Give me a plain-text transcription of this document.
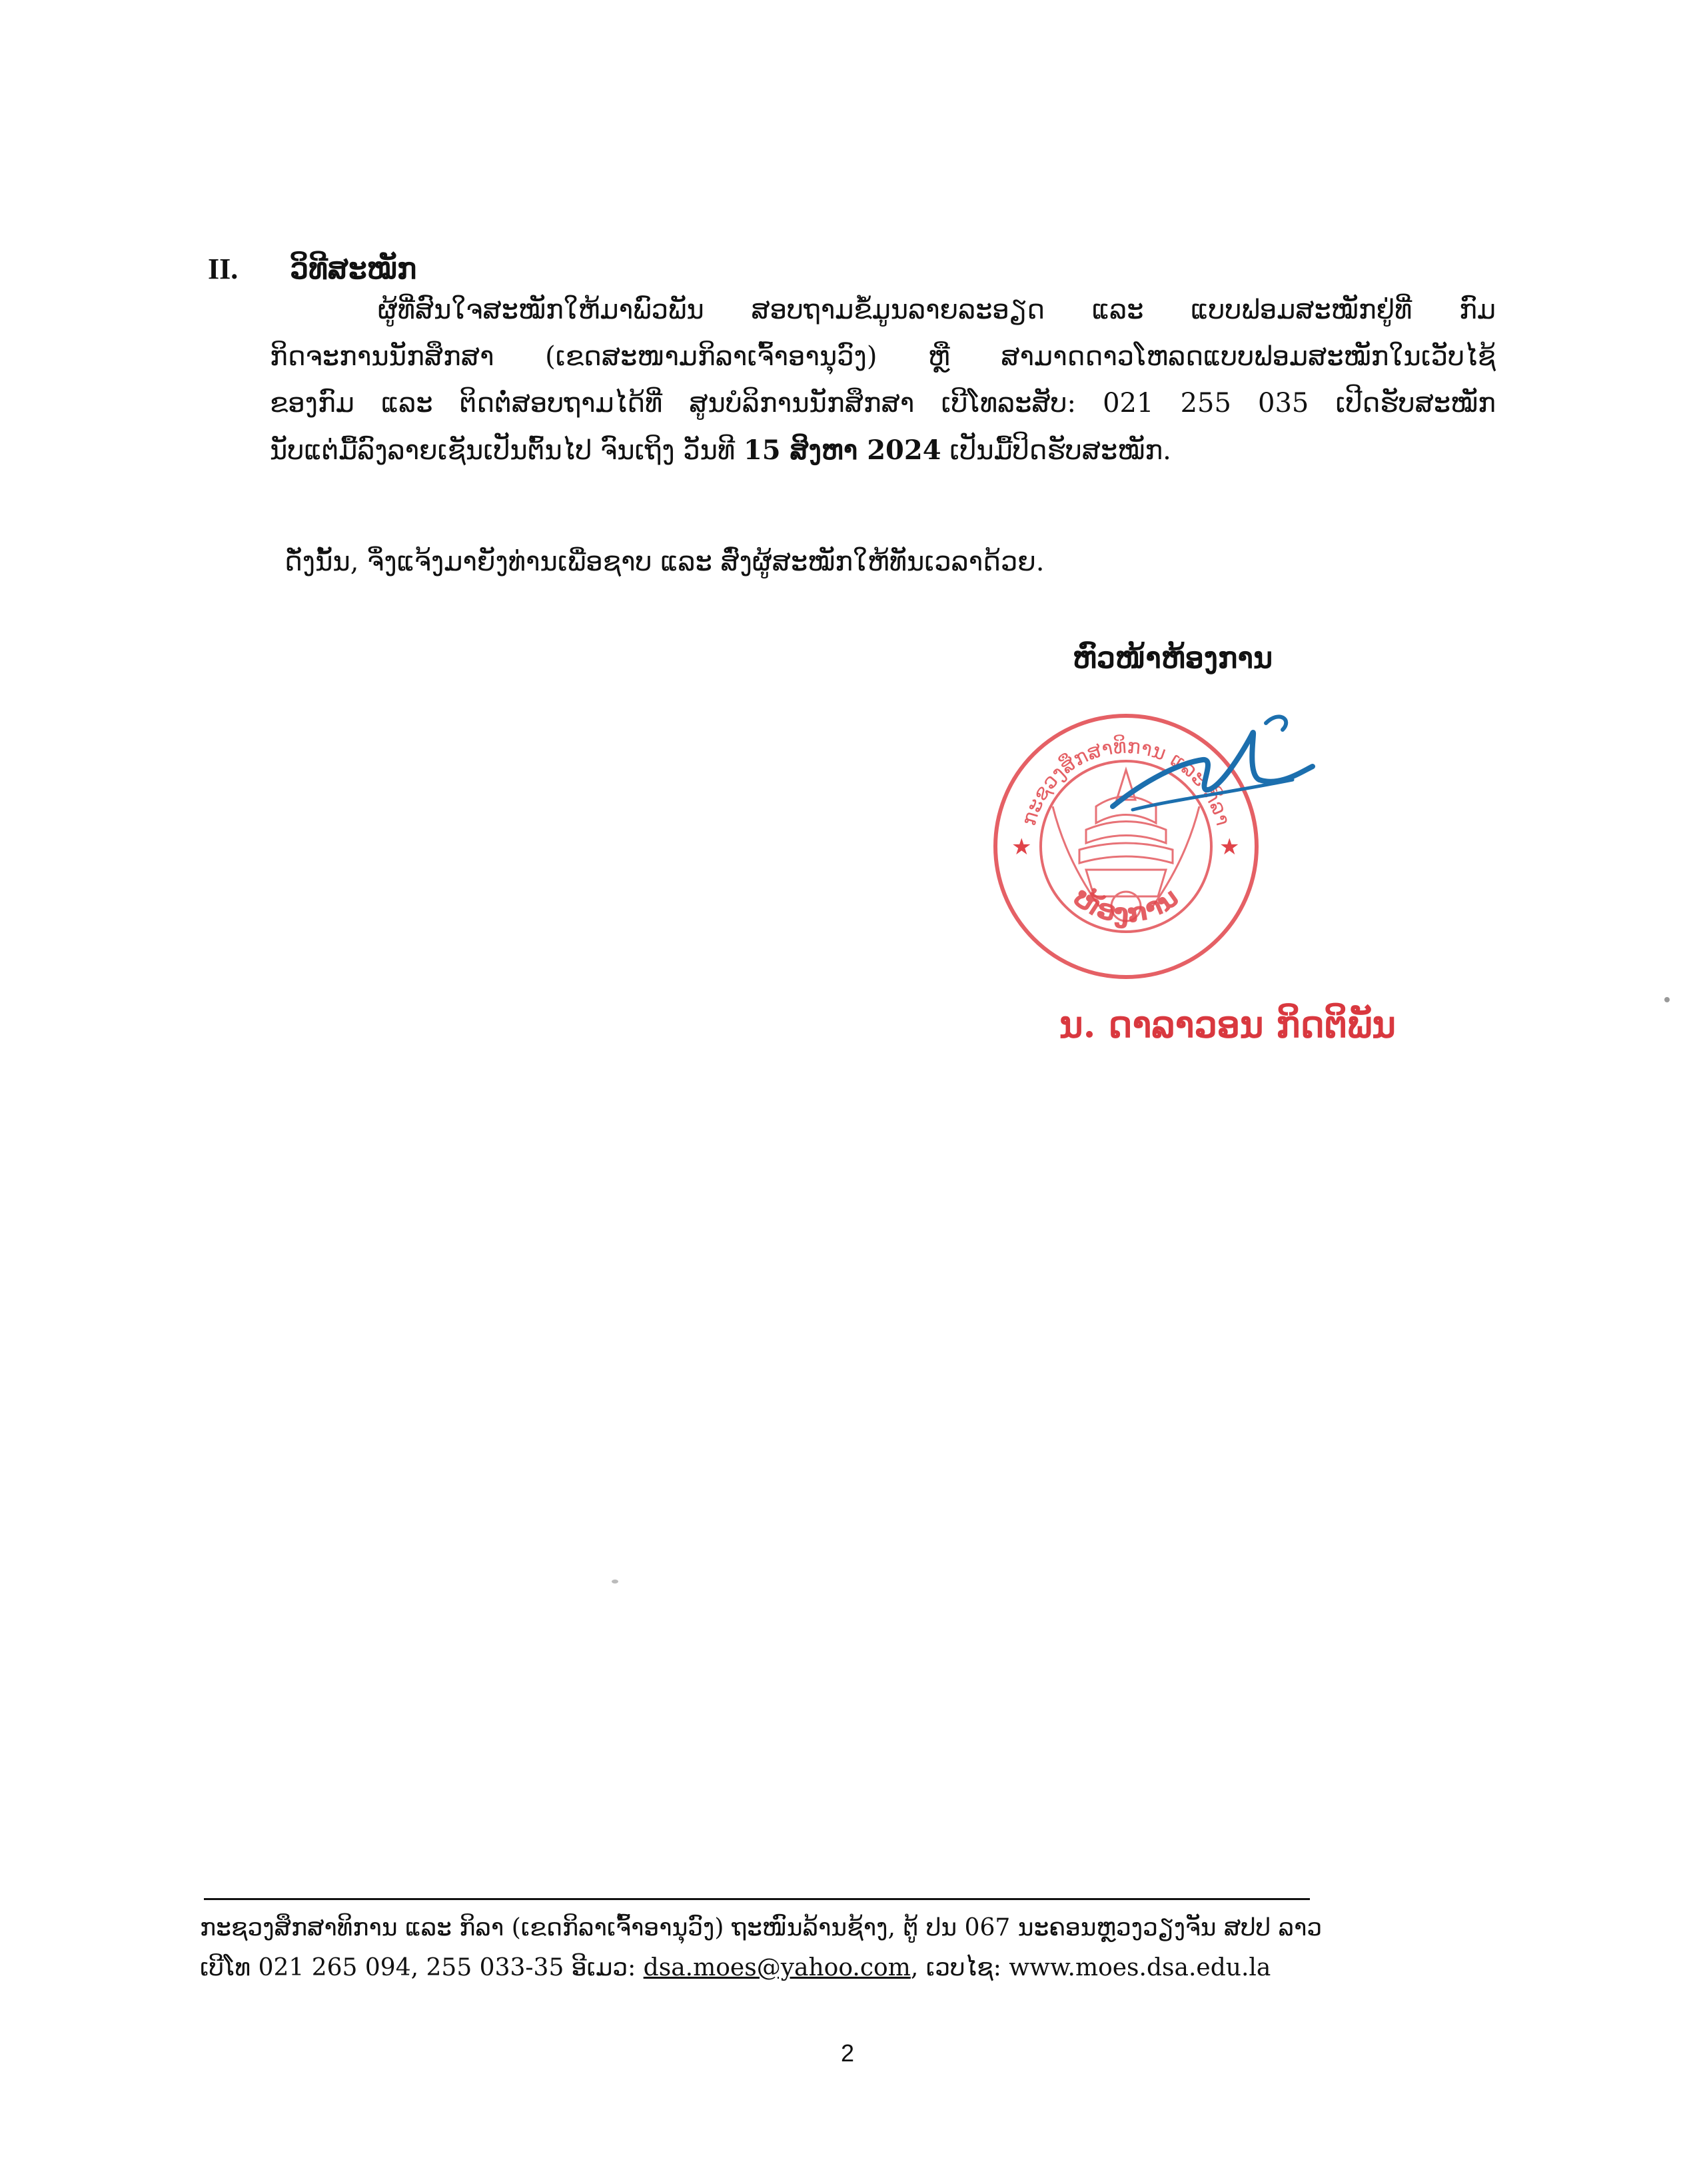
II. ວິທີສະໝັກ
ຜູ້ທີ່ສົນໃຈສະໝັກໃຫ້ມາພົວພັນ ສອບຖາມຂໍ້ມູນລາຍລະອຽດ ແລະ ແບບຟອມສະໝັກຢູ່ທີ່ ກົມ
ກິດຈະການນັກສຶກສາ (ເຂດສະໜາມກິລາເຈົ້າອານຸວົງ) ຫຼື ສາມາດດາວໂຫລດແບບຟອມສະໝັກໃນເວັບໄຊ້
ຂອງກົມ ແລະ ຕິດຕໍ່ສອບຖາມໄດ້ທີ່ ສູນບໍລິການນັກສຶກສາ ເບີໂທລະສັບ: 021 255 035 ເປີດຮັບສະໝັກ
ນັບແຕ່ມື້ລົງລາຍເຊັນເປັນຕົ້ນໄປ ຈົນເຖິງ ວັນທີ 15 ສິງຫາ 2024 ເປັນມື້ປິດຮັບສະໝັກ.
ດັ່ງນັ້ນ, ຈຶ່ງແຈ້ງມາຍັງທ່ານເພື່ອຊາບ ແລະ ສົ່ງຜູ້ສະໝັກໃຫ້ທັນເວລາດ້ວຍ.
ຫົວໜ້າຫ້ອງການ
ກະຊວງສຶກສາທິການ ແລະ ກິລາ
ຫ້ອງການ
★	★
ນ. ດາລາວອນ ກິດຕິພັນ
ກະຊວງສຶກສາທິການ ແລະ ກິລາ (ເຂດກິລາເຈົ້າອານຸວົງ) ຖະໜົນລ້ານຊ້າງ, ຕູ້ ປນ 067 ນະຄອນຫຼວງວຽງຈັນ ສປປ ລາວ
ເບີໂທ 021 265 094, 255 033-35 ອີເມວ: dsa.moes@yahoo.com, ເວບໄຊ: www.moes.dsa.edu.la
2
